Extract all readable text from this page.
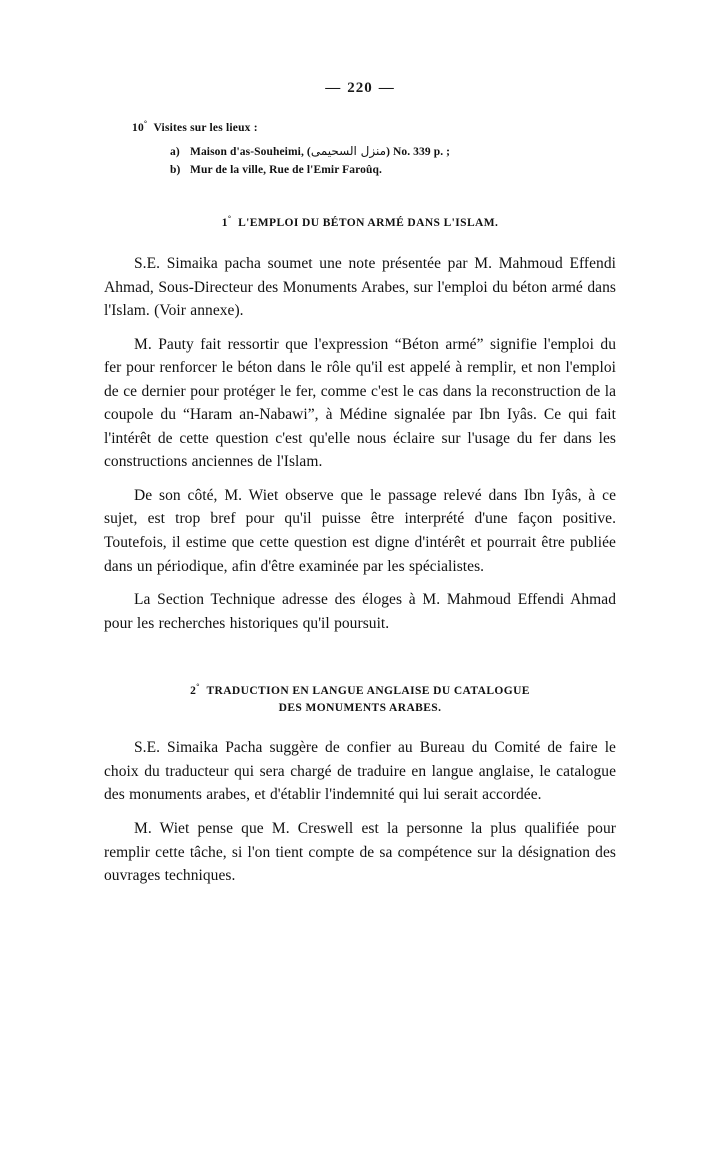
— 220 —
10° Visites sur les lieux :
a) Maison d'as-Souheimi, (منزل السحيمى) No. 339 p. ;
b) Mur de la ville, Rue de l'Emir Faroûq.
1° L'EMPLOI DU BÉTON ARMÉ DANS L'ISLAM.

S.E. Simaika pacha soumet une note présentée par M. Mahmoud Effendi Ahmad, Sous-Directeur des Monuments Arabes, sur l'emploi du béton armé dans l'Islam. (Voir annexe).

M. Pauty fait ressortir que l'expression “Béton armé” signifie l'emploi du fer pour renforcer le béton dans le rôle qu'il est appelé à remplir, et non l'emploi de ce dernier pour protéger le fer, comme c'est le cas dans la reconstruction de la coupole du “Haram an-Nabawi”, à Médine signalée par Ibn Iyâs. Ce qui fait l'intérêt de cette question c'est qu'elle nous éclaire sur l'usage du fer dans les constructions anciennes de l'Islam.

De son côté, M. Wiet observe que le passage relevé dans Ibn Iyâs, à ce sujet, est trop bref pour qu'il puisse être interprété d'une façon positive. Toutefois, il estime que cette question est digne d'intérêt et pourrait être publiée dans un périodique, afin d'être examinée par les spécialistes.

La Section Technique adresse des éloges à M. Mahmoud Effendi Ahmad pour les recherches historiques qu'il poursuit.

2° TRADUCTION EN LANGUE ANGLAISE DU CATALOGUE
DES MONUMENTS ARABES.

S.E. Simaika Pacha suggère de confier au Bureau du Comité de faire le choix du traducteur qui sera chargé de traduire en langue anglaise, le catalogue des monuments arabes, et d'établir l'indemnité qui lui serait accordée.

M. Wiet pense que M. Creswell est la personne la plus qualifiée pour remplir cette tâche, si l'on tient compte de sa compétence sur la désignation des ouvrages techniques.
